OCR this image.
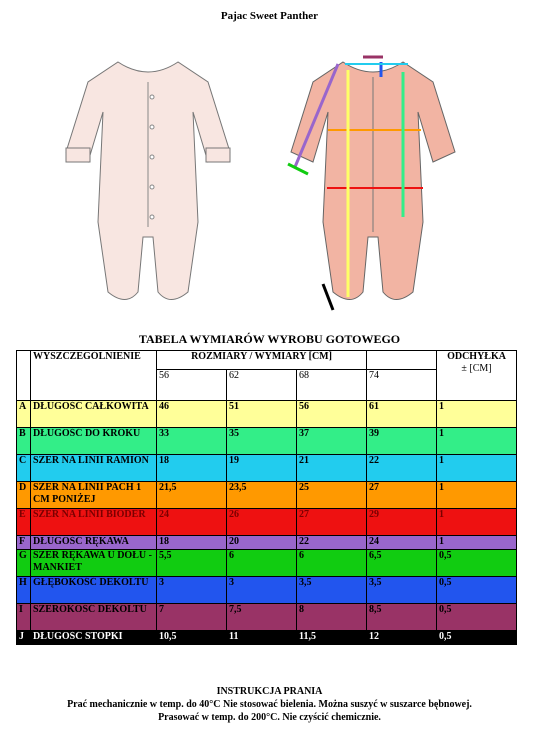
Pajac Sweet Panther
TABELA WYMIARÓW WYROBU GOTOWEGO
	WYSZCZEGÓLNIENIE	ROZMIARY / WYMIARY [CM]				ODCHYŁKA
± [CM]

		56	62	68	74	
A	DŁUGOŚĆ CAŁKOWITA	46	51	56	61	1
B	DŁUGOŚĆ DO KROKU	33	35	37	39	1
C	SZER NA LINII RAMION	18	19	21	22	1
D	SZER NA LINII PACH 1 CM PONIŻEJ	21,5	23,5	25	27	1
E	SZER NA LINII BIODER	24	26	27	29	1
F	DŁUGOŚĆ RĘKAWA	18	20	22	24	1
G	SZER RĘKAWA U DOŁU - MANKIET	5,5	6	6	6,5	0,5
H	GŁĘBOKOŚĆ DEKOLTU	3	3	3,5	3,5	0,5
I	SZEROKOŚĆ DEKOLTU	7	7,5	8	8,5	0,5
J	DŁUGOŚĆ STOPKI	10,5	11	11,5	12	0,5
INSTRUKCJA PRANIA
Prać mechanicznie w temp. do 40°C Nie stosować bielenia. Można suszyć w suszarce bębnowej.
Prasować w temp. do 200°C. Nie czyścić chemicznie.
